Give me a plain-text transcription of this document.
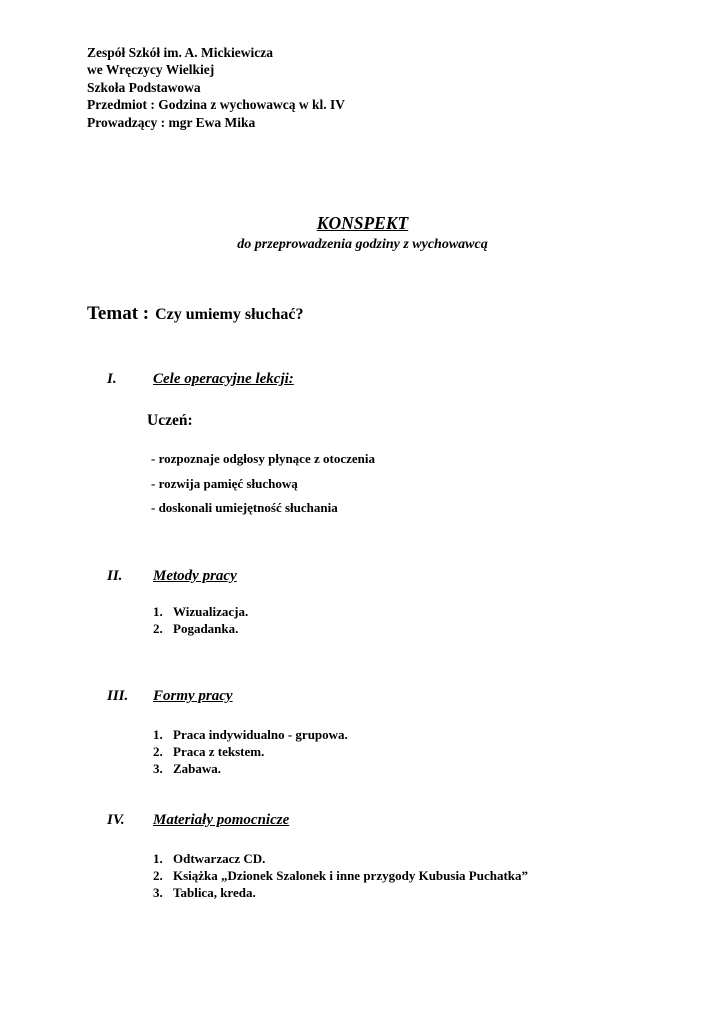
Zespół Szkół im. A. Mickiewicza
we Wręczycy Wielkiej
Szkoła Podstawowa
Przedmiot : Godzina z wychowawcą w kl. IV
Prowadzący : mgr Ewa Mika
KONSPEKT
do przeprowadzenia godziny z wychowawcą
Temat : Czy umiemy słuchać?
I. Cele operacyjne lekcji:
Uczeń:
- rozpoznaje odgłosy płynące z otoczenia
- rozwija pamięć słuchową
- doskonali umiejętność słuchania
II. Metody pracy
1. Wizualizacja.
2. Pogadanka.
III. Formy pracy
1. Praca indywidualno - grupowa.
2. Praca z tekstem.
3. Zabawa.
IV. Materiały pomocnicze
1. Odtwarzacz CD.
2. Książka „Dzionek Szalonek i inne przygody Kubusia Puchatka”
3. Tablica, kreda.
